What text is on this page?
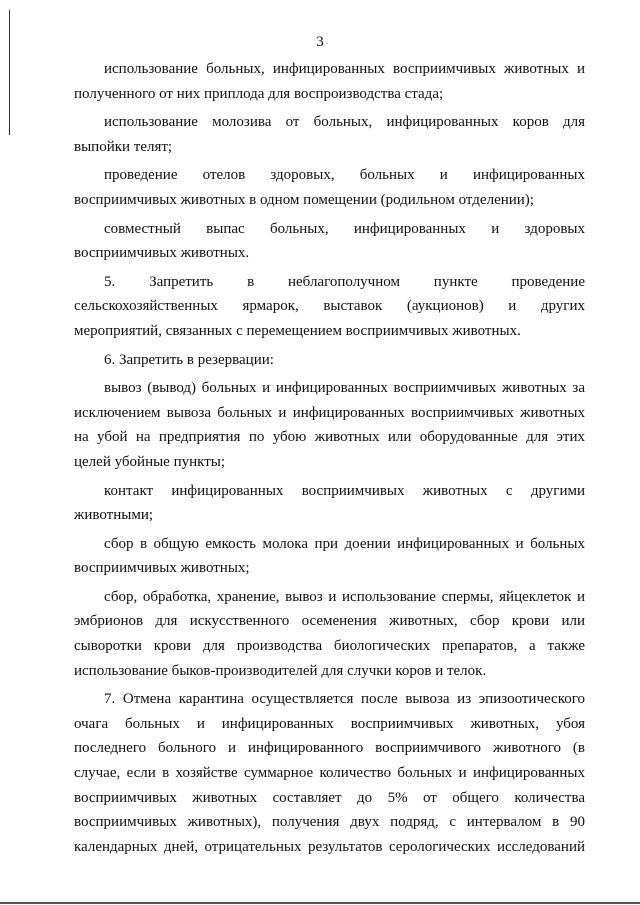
3
использование больных, инфицированных восприимчивых животных и
полученного от них приплода для воспроизводства стада;
использование молозива от больных, инфицированных коров для
выпойки телят;
проведение отелов здоровых, больных и инфицированных
восприимчивых животных в одном помещении (родильном отделении);
совместный выпас больных, инфицированных и здоровых
восприимчивых животных.
5. Запретить в неблагополучном пункте проведение
сельскохозяйственных ярмарок, выставок (аукционов) и других
мероприятий, связанных с перемещением восприимчивых животных.
6. Запретить в резервации:
вывоз (вывод) больных и инфицированных восприимчивых животных за
исключением вывоза больных и инфицированных восприимчивых животных
на убой на предприятия по убою животных или оборудованные для этих
целей убойные пункты;
контакт инфицированных восприимчивых животных с другими
животными;
сбор в общую емкость молока при доении инфицированных и больных
восприимчивых животных;
сбор, обработка, хранение, вывоз и использование спермы, яйцеклеток и
эмбрионов для искусственного осеменения животных, сбор крови или
сыворотки крови для производства биологических препаратов, а также
использование быков-производителей для случки коров и телок.
7. Отмена карантина осуществляется после вывоза из эпизоотического
очага больных и инфицированных восприимчивых животных, убоя
последнего больного и инфицированного восприимчивого животного (в
случае, если в хозяйстве суммарное количество больных и инфицированных
восприимчивых животных составляет до 5% от общего количества
восприимчивых животных), получения двух подряд, с интервалом в 90
календарных дней, отрицательных результатов серологических исследований
